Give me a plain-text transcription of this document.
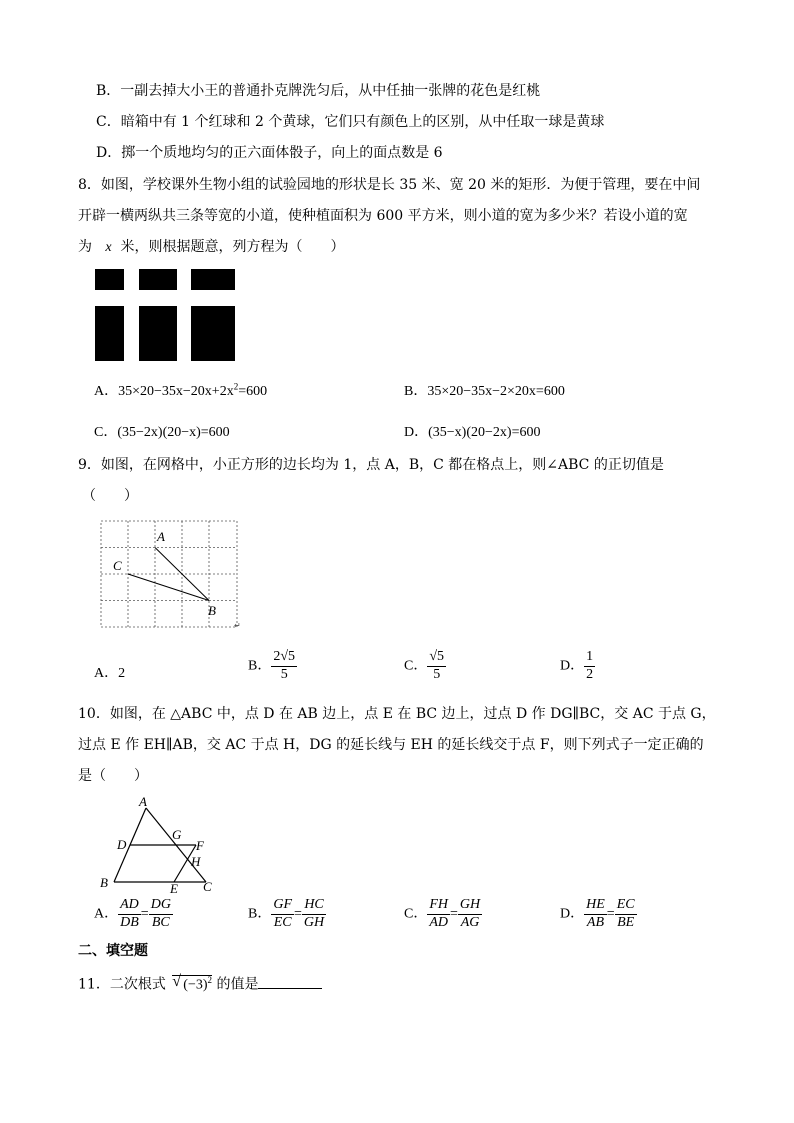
B．一副去掉大小王的普通扑克牌洗匀后，从中任抽一张牌的花色是红桃
C．暗箱中有 1 个红球和 2 个黄球，它们只有颜色上的区别，从中任取一球是黄球
D．掷一个质地均匀的正六面体骰子，向上的面点数是 6
8．如图，学校课外生物小组的试验园地的形状是长 35 米、宽 20 米的矩形．为便于管理，要在中间
开辟一横两纵共三条等宽的小道，使种植面积为 600 平方米，则小道的宽为多少米？若设小道的宽
为 x 米，则根据题意，列方程为（　　）
A．$35\times 20-35x-20x+2x^2=600$	B．35×20−35x−2×20x=600
C．(35−2x)(20−x)=600	D．(35−x)(20−2x)=600
9．如图，在网格中，小正方形的边长均为 1，点 A，B，C 都在格点上，则∠ABC 的正切值是
（　　）
A
C
B
↵
A．2
B． $\frac{2√5}{5}$	C． $\frac{√5}{5}$	D． $\frac{1}{2}$
10．如图，在 △ABC 中，点 D 在 AB 边上，点 E 在 BC 边上，过点 D 作 DG∥BC，交 AC 于点 G，
过点 E 作 EH∥AB，交 AC 于点 H，DG 的延长线与 EH 的延长线交于点 F，则下列式子一定正确的
是（　　）
A
B	C
D
E
F
G
H
A． $\frac{AD}{DB} = \frac{DG}{BC}$	B． $\frac{GF}{EC} = \frac{HC}{GH}$	C． $\frac{FH}{AD} = \frac{GH}{AG}$	D． $\frac{HE}{AB} = \frac{EC}{BE}$
二、填空题
11．二次根式 √ $(-3)^2$ 的值是
